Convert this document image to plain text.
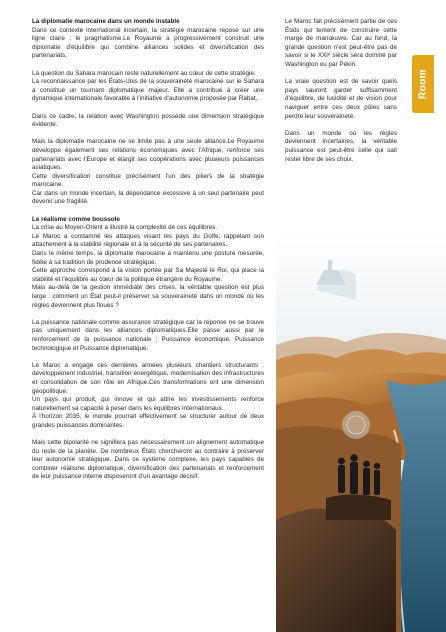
La diplomatie marocaine dans un monde instable

Dans ce contexte international incertain, la stratégie marocaine repose sur une ligne claire : le pragmatisme.Le Royaume a progressivement construit une diplomatie d'équilibre qui combine alliances solides et diversification des partenariats.

La question du Sahara marocain reste naturellement au cœur de cette stratégie.

La reconnaissance par les États-Unis de la souveraineté marocaine sur le Sahara a constitué un tournant diplomatique majeur. Elle a contribué à créer une dynamique internationale favorable à l'initiative d'autonomie proposée par Rabat.

Dans ce cadre, la relation avec Washington possède une dimension stratégique évidente.

Mais la diplomatie marocaine ne se limite pas à une seule alliance.Le Royaume développe également ses relations économiques avec l'Afrique, renforce ses partenariats avec l'Europe et élargit ses coopérations avec plusieurs puissances asiatiques.

Cette diversification constitue précisément l'un des piliers de la stratégie marocaine.

Car dans un monde incertain, la dépendance excessive à un seul partenaire peut devenir une fragilité.

Le réalisme comme boussole

La crise au Moyen-Orient a illustré la complexité de ces équilibres.

Le Maroc a condamné les attaques visant les pays du Golfe, rappelant son attachement à la stabilité régionale et à la sécurité de ses partenaires.

Dans le même temps, la diplomatie marocaine a maintenu une posture mesurée, fidèle à sa tradition de prudence stratégique.

Cette approche correspond à la vision portée par Sa Majesté le Roi, qui place la stabilité et l'équilibre au cœur de la politique étrangère du Royaume.

Mais au-delà de la gestion immédiate des crises, la véritable question est plus large : comment un État peut-il préserver sa souveraineté dans un monde où les règles deviennent plus floues ?

La puissance nationale comme assurance stratégique car la réponse ne se trouve pas uniquement dans les alliances diplomatiques.Elle passe aussi par le renforcement de la puissance nationale : Puissance économique, Puissance technologique et Puissance diplomatique.

Le Maroc a engagé ces dernières années plusieurs chantiers structurants : développement industriel, transition énergétique, modernisation des infrastructures et consolidation de son rôle en Afrique.Ces transformations ont une dimension géopolitique.

Un pays qui produit, qui innove et qui attire les investissements renforce naturellement sa capacité à peser dans les équilibres internationaux.

À l'horizon 2035, le monde pourrait effectivement se structurer autour de deux grandes puissances dominantes.

Mais cette bipolarité ne signifiera pas nécessairement un alignement automatique du reste de la planète. De nombreux États chercheront au contraire à préserver leur autonomie stratégique. Dans ce système complexe, les pays capables de combiner réalisme diplomatique, diversification des partenariats et renforcement de leur puissance interne disposeront d'un avantage décisif.

Le Maroc fait précisément partie de ces États qui tentent de construire cette marge de manœuvre. Car au fond, la grande question n'est peut-être pas de savoir si le XXIᵉ siècle sera dominé par Washington ou par Pékin.

La vraie question est de savoir quels pays sauront garder suffisamment d'équilibre, de lucidité et de vision pour naviguer entre ces deux pôles sans perdre leur souveraineté.

Dans un monde où les règles deviennent incertaines, la véritable puissance est peut-être celle qui sait rester libre de ses choix.

Room
